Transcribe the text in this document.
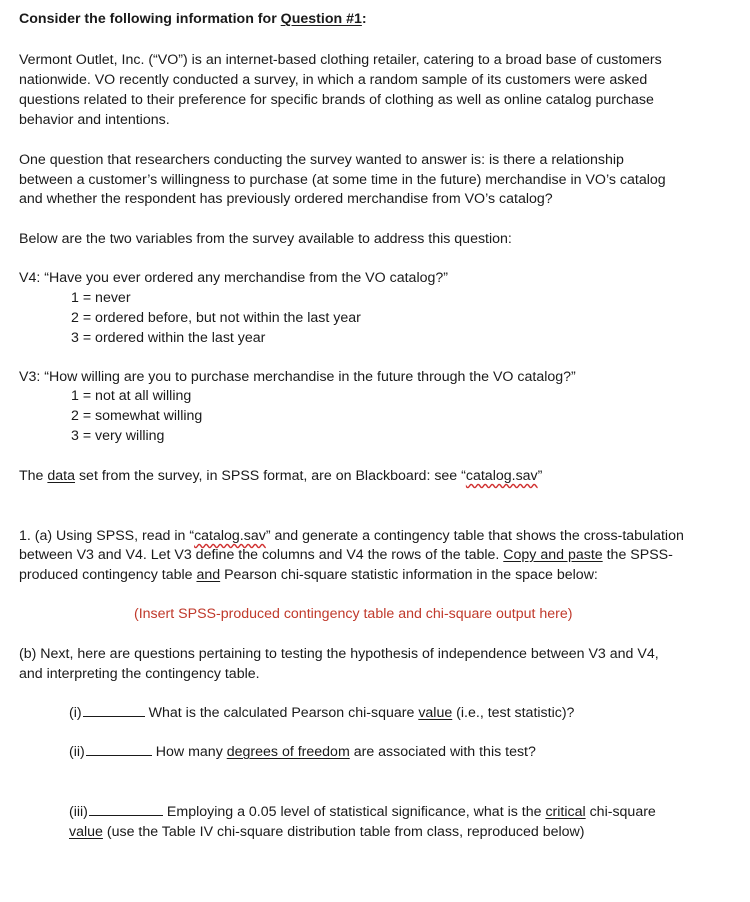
Consider the following information for Question #1:
Vermont Outlet, Inc. (“VO”) is an internet-based clothing retailer, catering to a broad base of customers
nationwide. VO recently conducted a survey, in which a random sample of its customers were asked
questions related to their preference for specific brands of clothing as well as online catalog purchase
behavior and intentions.
One question that researchers conducting the survey wanted to answer is: is there a relationship
between a customer’s willingness to purchase (at some time in the future) merchandise in VO’s catalog
and whether the respondent has previously ordered merchandise from VO’s catalog?
Below are the two variables from the survey available to address this question:
V4: “Have you ever ordered any merchandise from the VO catalog?”
1 = never
2 = ordered before, but not within the last year
3 = ordered within the last year
V3: “How willing are you to purchase merchandise in the future through the VO catalog?”
1 = not at all willing
2 = somewhat willing
3 = very willing
The data set from the survey, in SPSS format, are on Blackboard: see “catalog.sav”
1. (a) Using SPSS, read in “catalog.sav” and generate a contingency table that shows the cross-tabulation
between V3 and V4. Let V3 define the columns and V4 the rows of the table. Copy and paste the SPSS-
produced contingency table and Pearson chi-square statistic information in the space below:
(Insert SPSS-produced contingency table and chi-square output here)
(b) Next, here are questions pertaining to testing the hypothesis of independence between V3 and V4,
and interpreting the contingency table.
(i)	What is the calculated Pearson chi-square value (i.e., test statistic)?
(ii)	How many degrees of freedom are associated with this test?
(iii)	Employing a 0.05 level of statistical significance, what is the critical chi-square
value (use the Table IV chi-square distribution table from class, reproduced below)
